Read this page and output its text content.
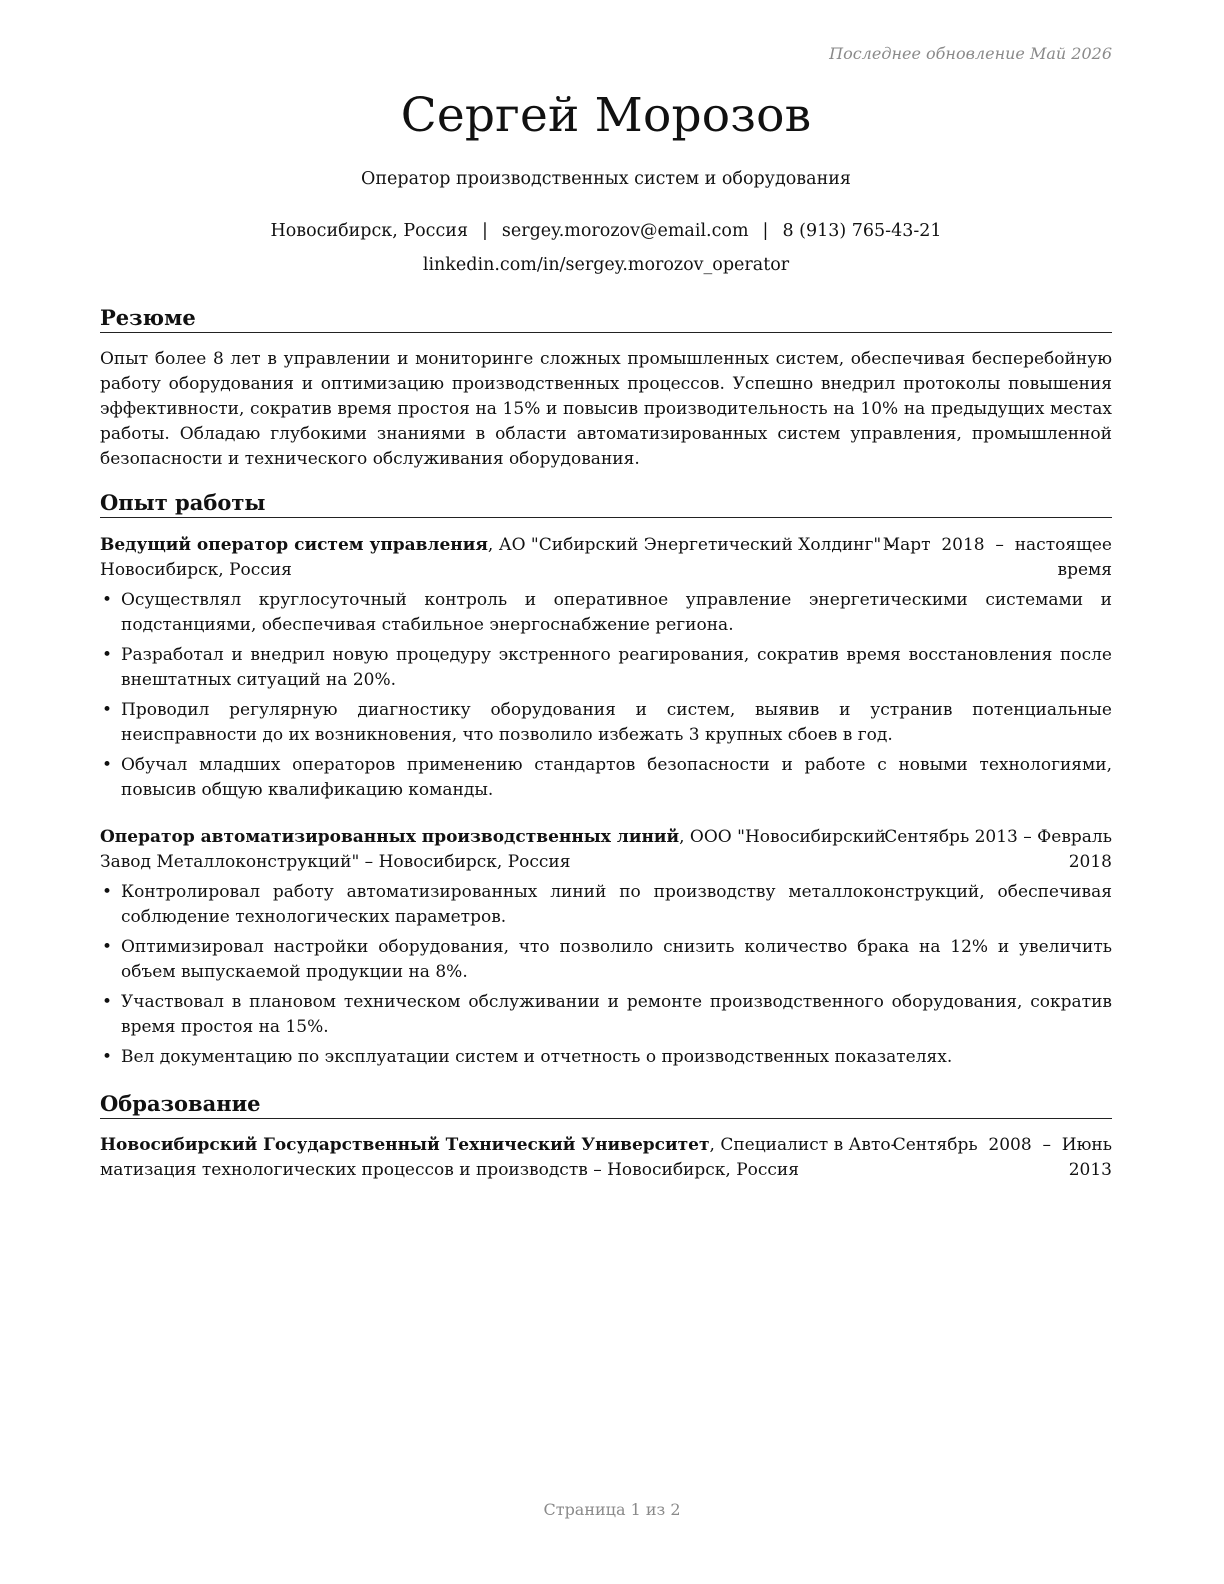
Последнее обновление Май 2026
Сергей Морозов
Оператор производственных систем и оборудования
Новосибирск, Россия | sergey.morozov@email.com | 8 (913) 765-43-21
linkedin.com/in/sergey.morozov_operator
Резюме
Опыт более 8 лет в управлении и мониторинге сложных промышленных систем, обеспечивая бесперебойную работу оборудования и оптимизацию производственных процессов. Успешно внедрил протоколы повышения эффективности, сократив время простоя на 15% и повысив производительность на 10% на предыдущих местах работы. Обладаю глубокими знаниями в области автоматизированных систем управления, промышленной безопасности и технического обслуживания оборудования.
Опыт работы
Ведущий оператор систем управления, АО "Сибирский Энергетический Холдинг" –
Новосибирск, Россия
Март  2018  –  настоящее
время
• Осуществлял круглосуточный контроль и оперативное управление энергетическими системами и подстанциями, обеспечивая стабильное энергоснабжение региона.
• Разработал и внедрил новую процедуру экстренного реагирования, сократив время восстановления после внештатных ситуаций на 20%.
• Проводил регулярную диагностику оборудования и систем, выявив и устранив потенциальные неисправности до их возникновения, что позволило избежать 3 крупных сбоев в год.
• Обучал младших операторов применению стандартов безопасности и работе с новыми технологиями, повысив общую квалификацию команды.
Оператор автоматизированных производственных линий, ООО "Новосибирский
Завод Металлоконструкций" – Новосибирск, Россия
Сентябрь 2013 – Февраль
2018
• Контролировал работу автоматизированных линий по производству металлоконструкций, обеспечивая соблюдение технологических параметров.
• Оптимизировал настройки оборудования, что позволило снизить количество брака на 12% и увеличить объем выпускаемой продукции на 8%.
• Участвовал в плановом техническом обслуживании и ремонте производственного оборудования, сократив время простоя на 15%.
• Вел документацию по эксплуатации систем и отчетность о производственных показателях.
Образование
Новосибирский Государственный Технический Университет, Специалист в Авто-
матизация технологических процессов и производств – Новосибирск, Россия
Сентябрь  2008  –  Июнь
2013
Страница 1 из 2
